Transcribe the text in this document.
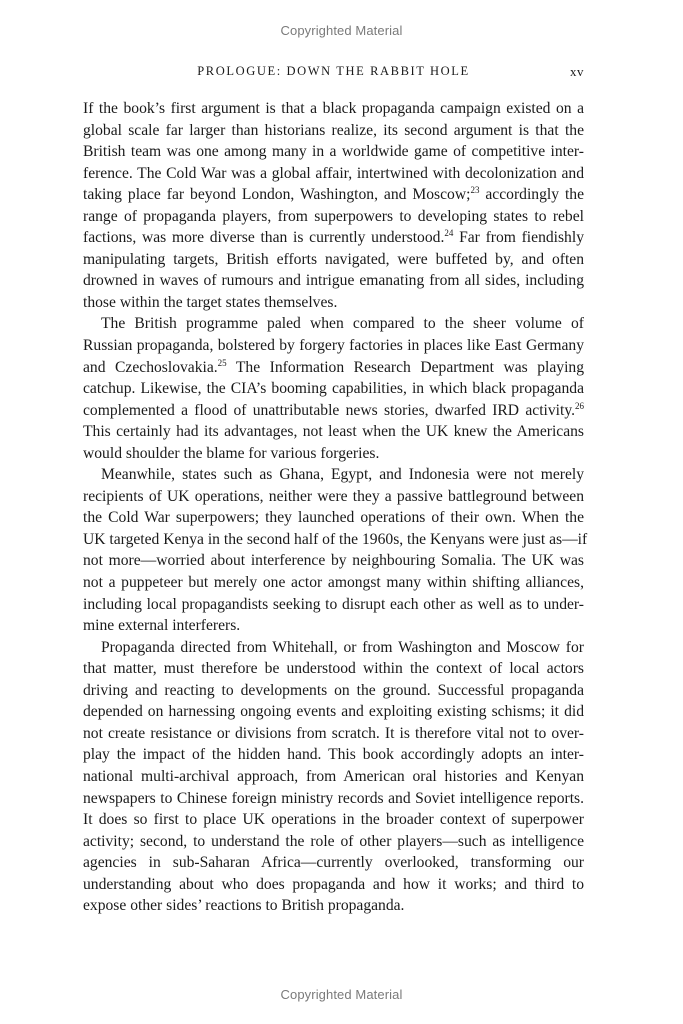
Copyrighted Material
PROLOGUE: DOWN THE RABBIT HOLE	xv

If the book’s first argument is that a black propaganda campaign existed on a
global scale far larger than historians realize, its second argument is that the
British team was one among many in a worldwide game of competitive inter-
ference. The Cold War was a global affair, intertwined with decolonization and
taking place far beyond London, Washington, and Moscow;$^{23}$ accordingly the
range of propaganda players, from superpowers to developing states to rebel
factions, was more diverse than is currently understood.$^{24}$ Far from fiendishly
manipulating targets, British efforts navigated, were buffeted by, and often
drowned in waves of rumours and intrigue emanating from all sides, including
those within the target states themselves.

The British programme paled when compared to the sheer volume of
Russian propaganda, bolstered by forgery factories in places like East Germany
and Czechoslovakia.$^{25}$ The Information Research Department was playing
catchup. Likewise, the CIA’s booming capabilities, in which black propaganda
complemented a flood of unattributable news stories, dwarfed IRD activity.$^{26}$
This certainly had its advantages, not least when the UK knew the Americans
would shoulder the blame for various forgeries.

Meanwhile, states such as Ghana, Egypt, and Indonesia were not merely
recipients of UK operations, neither were they a passive battleground between
the Cold War superpowers; they launched operations of their own. When the
UK targeted Kenya in the second half of the 1960s, the Kenyans were just as—if
not more—worried about interference by neighbouring Somalia. The UK was
not a puppeteer but merely one actor amongst many within shifting alliances,
including local propagandists seeking to disrupt each other as well as to under-
mine external interferers.

Propaganda directed from Whitehall, or from Washington and Moscow for
that matter, must therefore be understood within the context of local actors
driving and reacting to developments on the ground. Successful propaganda
depended on harnessing ongoing events and exploiting existing schisms; it did
not create resistance or divisions from scratch. It is therefore vital not to over-
play the impact of the hidden hand. This book accordingly adopts an inter-
national multi-archival approach, from American oral histories and Kenyan
newspapers to Chinese foreign ministry records and Soviet intelligence reports.
It does so first to place UK operations in the broader context of superpower
activity; second, to understand the role of other players—such as intelligence
agencies in sub-Saharan Africa—currently overlooked, transforming our
understanding about who does propaganda and how it works; and third to
expose other sides’ reactions to British propaganda.

Copyrighted Material
